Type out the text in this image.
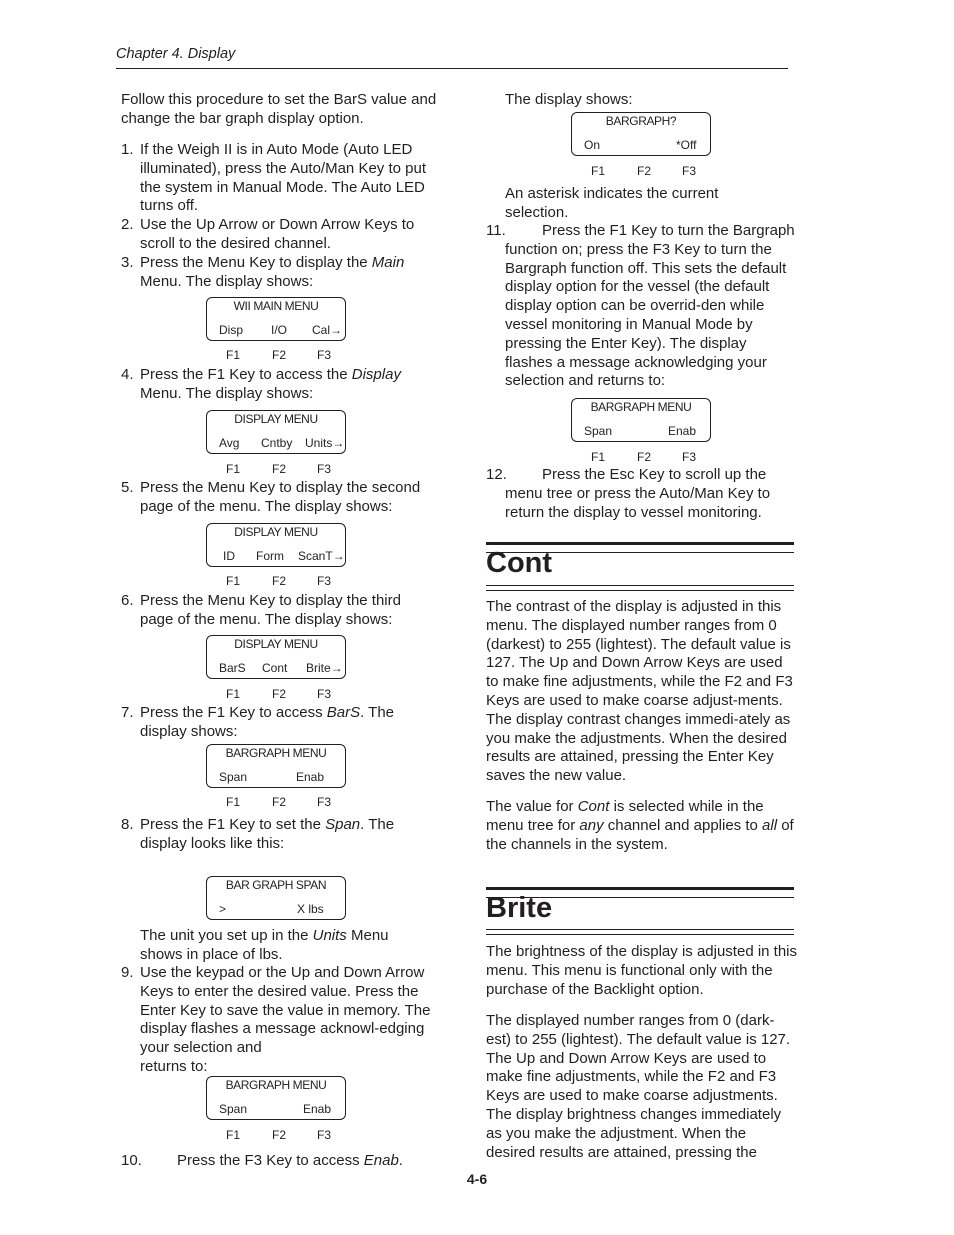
Chapter 4. Display
Follow this procedure to set the BarS value and change the bar graph display option.
1. If the Weigh II is in Auto Mode (Auto LED illuminated), press the Auto/Man Key to put the system in Manual Mode. The Auto LED turns off.
2. Use the Up Arrow or Down Arrow Keys to scroll to the desired channel.
3. Press the Menu Key to display the Main Menu. The display shows:
WII MAIN MENU
Disp I/O Cal→
F1	F2	F3
4. Press the F1 Key to access the Display Menu. The display shows:
DISPLAY MENU
Avg Cntby Units→
F1	F2	F3
5. Press the Menu Key to display the second page of the menu. The display shows:
DISPLAY MENU
ID Form ScanT→
F1	F2	F3
6. Press the Menu Key to display the third page of the menu. The display shows:
DISPLAY MENU
BarS Cont Brite→
F1	F2	F3
7. Press the F1 Key to access BarS. The display shows:
BARGRAPH MENU
Span	Enab
F1	F2	F3
8. Press the F1 Key to set the Span. The display looks like this:
BAR GRAPH SPAN
>	X lbs
The unit you set up in the Units Menu shows in place of lbs.
9. Use the keypad or the Up and Down Arrow Keys to enter the desired value. Press the Enter Key to save the value in memory. The display flashes a message acknowl-edging your selection and
returns to:
BARGRAPH MENU
Span	Enab
F1	F2	F3
10. Press the F3 Key to access Enab.
The display shows:
BARGRAPH?
On	*Off
F1	F2	F3
An asterisk indicates the current selection.
11.	Press the F1 Key to turn the Bargraph function on; press the F3 Key to turn the Bargraph function off. This sets the default display option for the vessel (the default display option can be overrid-den while vessel monitoring in Manual Mode by pressing the Enter Key). The display flashes a message acknowledging your selection and returns to:
BARGRAPH MENU
Span	Enab
F1	F2	F3
12.	Press the Esc Key to scroll up the menu tree or press the Auto/Man Key to return the display to vessel monitoring.
Cont
The contrast of the display is adjusted in this menu. The displayed number ranges from 0 (darkest) to 255 (lightest). The default value is 127. The Up and Down Arrow Keys are used to make fine adjustments, while the F2 and F3 Keys are used to make coarse adjust-ments. The display contrast changes immedi-ately as you make the adjustments. When the desired results are attained, pressing the Enter Key saves the new value.
The value for Cont is selected while in the menu tree for any channel and applies to all of the channels in the system.
Brite
The brightness of the display is adjusted in this menu. This menu is functional only with the purchase of the Backlight option.
The displayed number ranges from 0 (dark-est) to 255 (lightest). The default value is 127. The Up and Down Arrow Keys are used to make fine adjustments, while the F2 and F3 Keys are used to make coarse adjustments. The display brightness changes immediately as you make the adjustment. When the desired results are attained, pressing the
4-6
